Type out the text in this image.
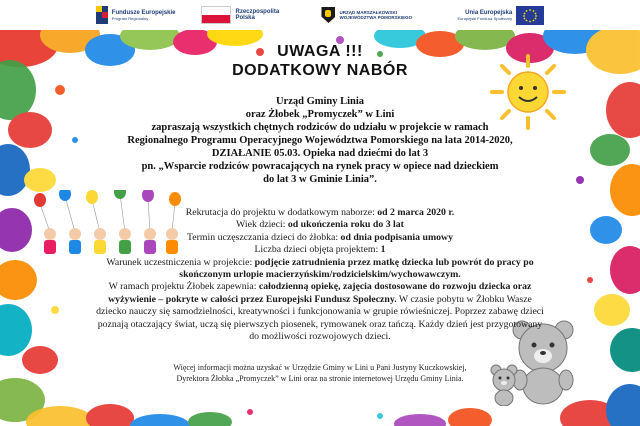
Fundusze Europejskie
Program Regionalny
Rzeczpospolita Polska
URZĄD MARSZAŁKOWSKI WOJEWÓDZTWA POMORSKIEGO
Unia Europejska
Europejski Fundusz Społeczny
UWAGA !!!
DODATKOWY NABÓR
Urząd Gminy Linia
oraz Żłobek „Promyczek” w Lini
zapraszają wszystkich chętnych rodziców do udziału w projekcie w ramach
Regionalnego Programu Operacyjnego Województwa Pomorskiego na lata 2014-2020,
DZIAŁANIE 05.03. Opieka nad dziećmi do lat 3
pn. „Wsparcie rodziców powracających na rynek pracy w opiece nad dzieckiem
do lat 3 w Gminie Linia”.
Rekrutacja do projektu w dodatkowym naborze: od 2 marca 2020 r.
Wiek dzieci: od ukończenia roku do 3 lat
Termin uczęszczania dzieci do żłobka: od dnia podpisania umowy
Liczba dzieci objęta projektem: 1
Warunek uczestniczenia w projekcie: podjęcie zatrudnienia przez matkę dziecka lub powrót do pracy po skończonym urlopie macierzyńskim/rodzicielskim/wychowawczym.
W ramach projektu Żłobek zapewnia: całodzienną opiekę, zajęcia dostosowane do rozwoju dziecka oraz wyżywienie – pokryte w całości przez Europejski Fundusz Społeczny. W czasie pobytu w Żłobku Wasze dziecko nauczy się samodzielności, kreatywności i funkcjonowania w grupie rówieśniczej. Poprzez zabawę dzieci poznają otaczający świat, uczą się pierwszych piosenek, rymowanek oraz tańczą. Każdy dzień jest przygotowany do możliwości rozwojowych dzieci.
Więcej informacji można uzyskać w Urzędzie Gminy w Lini u Pani Justyny Kuczkowskiej,
Dyrektora Żłobka „Promyczek” w Lini oraz na stronie internetowej Urzędu Gminy Linia.
